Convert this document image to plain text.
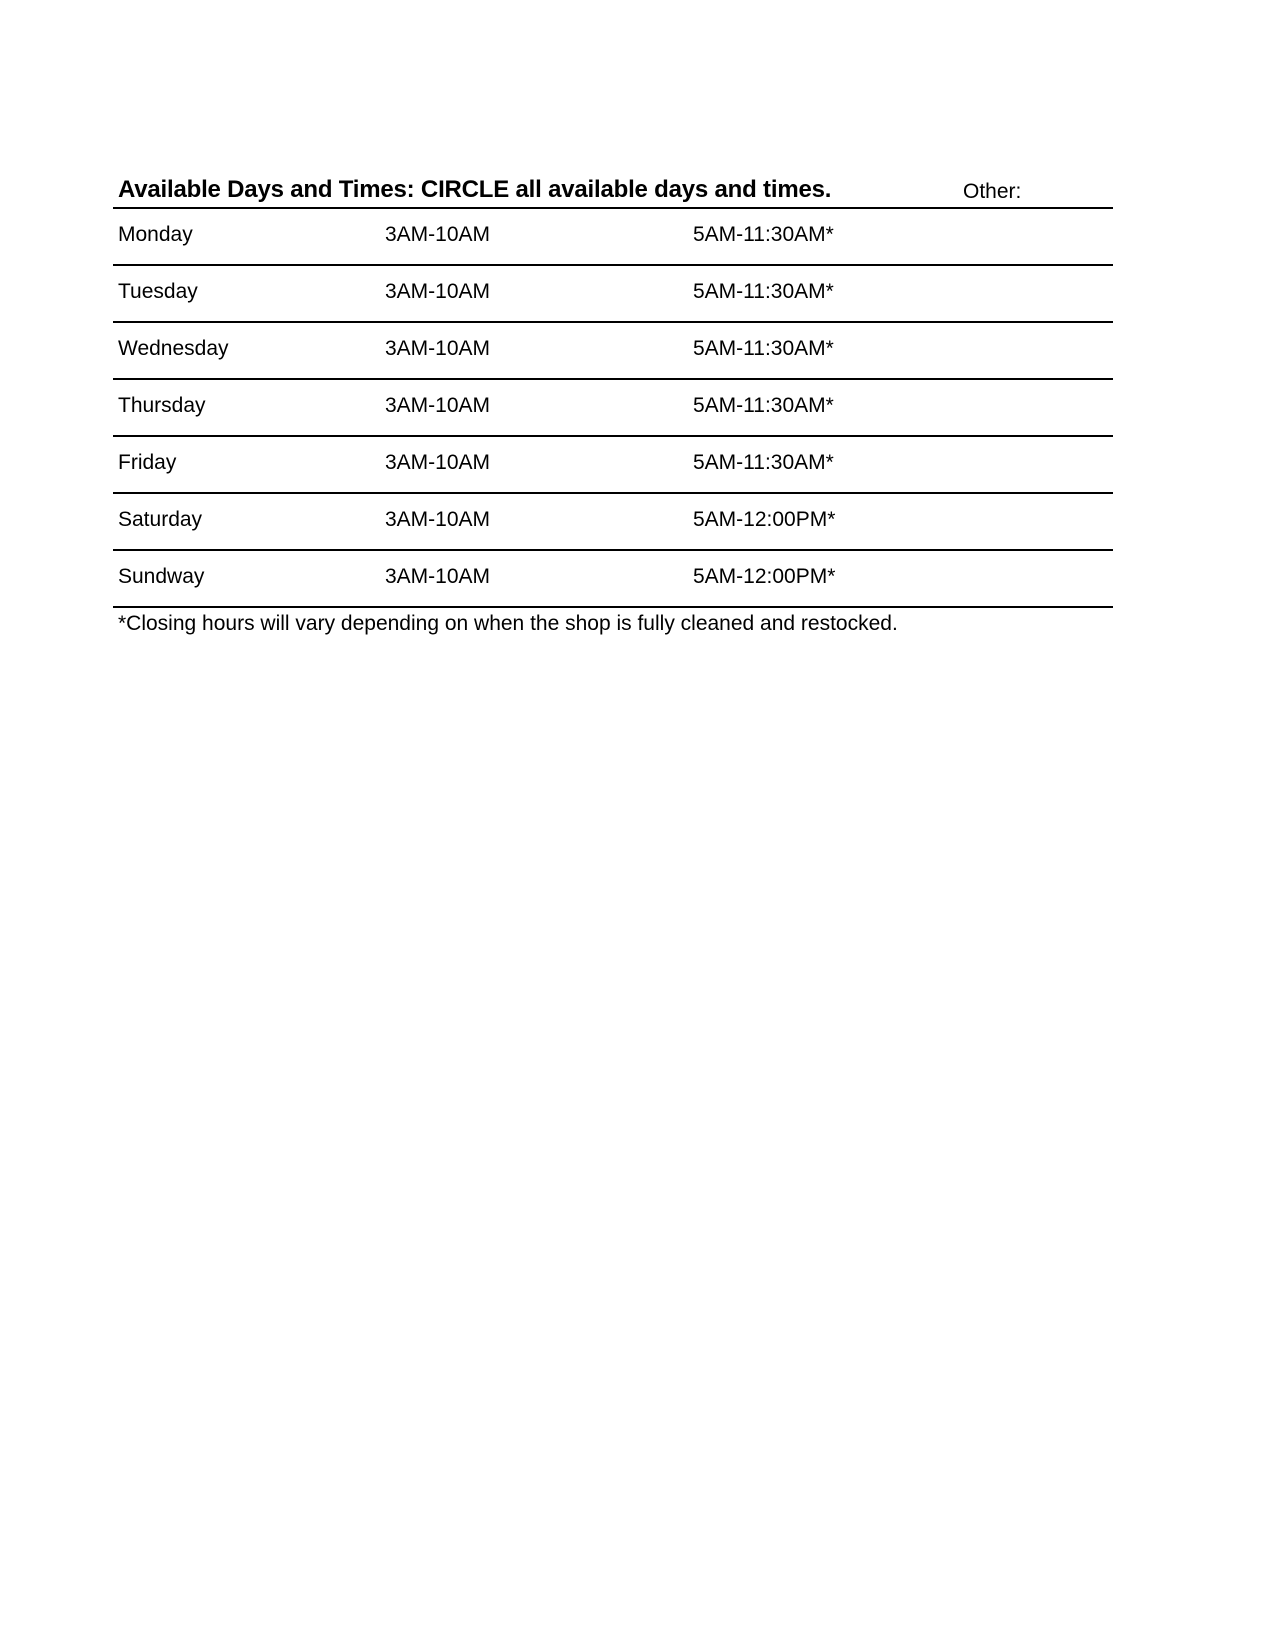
Available Days and Times: CIRCLE all available days and times.	Other:
Monday	3AM-10AM	5AM-11:30AM*
Tuesday	3AM-10AM	5AM-11:30AM*
Wednesday	3AM-10AM	5AM-11:30AM*
Thursday	3AM-10AM	5AM-11:30AM*
Friday	3AM-10AM	5AM-11:30AM*
Saturday	3AM-10AM	5AM-12:00PM*
Sundway	3AM-10AM	5AM-12:00PM*
*Closing hours will vary depending on when the shop is fully cleaned and restocked.
